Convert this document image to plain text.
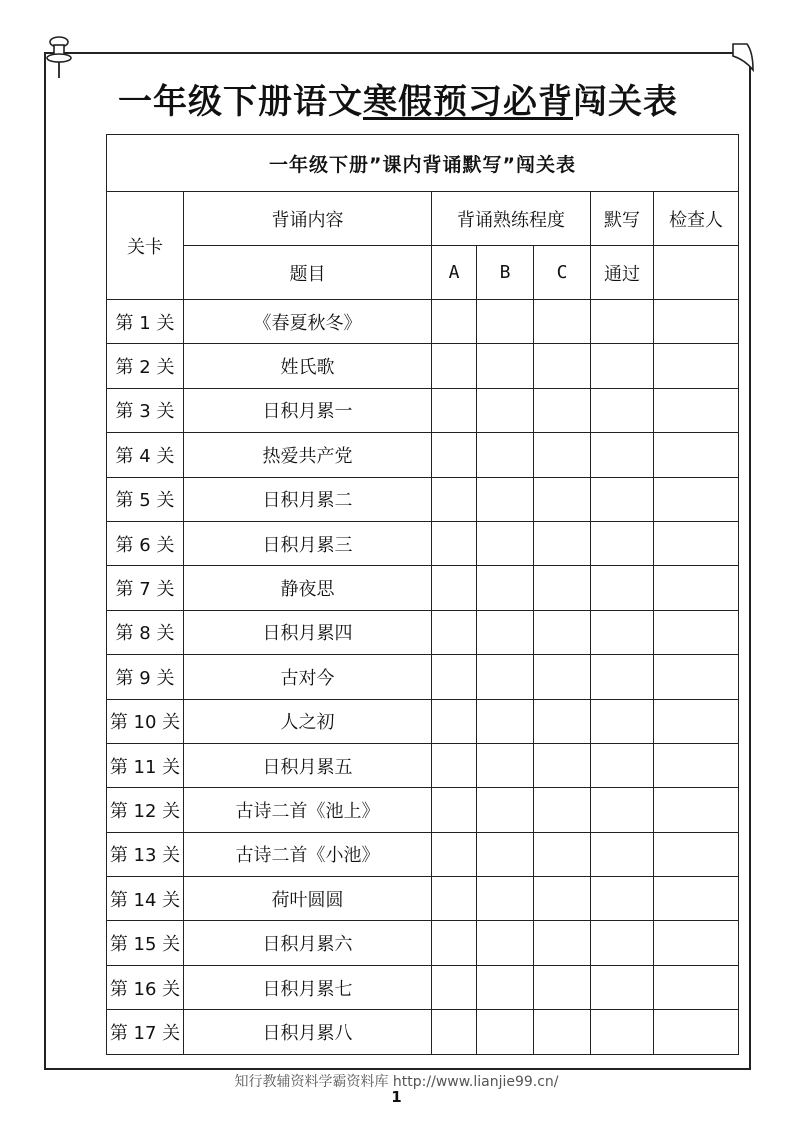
一年级下册语文寒假预习必背闯关表
一年级下册”课内背诵默写”闯关表						
关卡	背诵内容	背诵熟练程度			默写	检查人
	题目	A	B	C	通过	
第 1 关	《春夏秋冬》					
第 2 关	姓氏歌					
第 3 关	日积月累一					
第 4 关	热爱共产党					
第 5 关	日积月累二					
第 6 关	日积月累三					
第 7 关	静夜思					
第 8 关	日积月累四					
第 9 关	古对今					
第 10 关	人之初					
第 11 关	日积月累五					
第 12 关	古诗二首《池上》					
第 13 关	古诗二首《小池》					
第 14 关	荷叶圆圆					
第 15 关	日积月累六					
第 16 关	日积月累七					
第 17 关	日积月累八					
知行教辅资料学霸资料库 http://www.lianjie99.cn/
1
